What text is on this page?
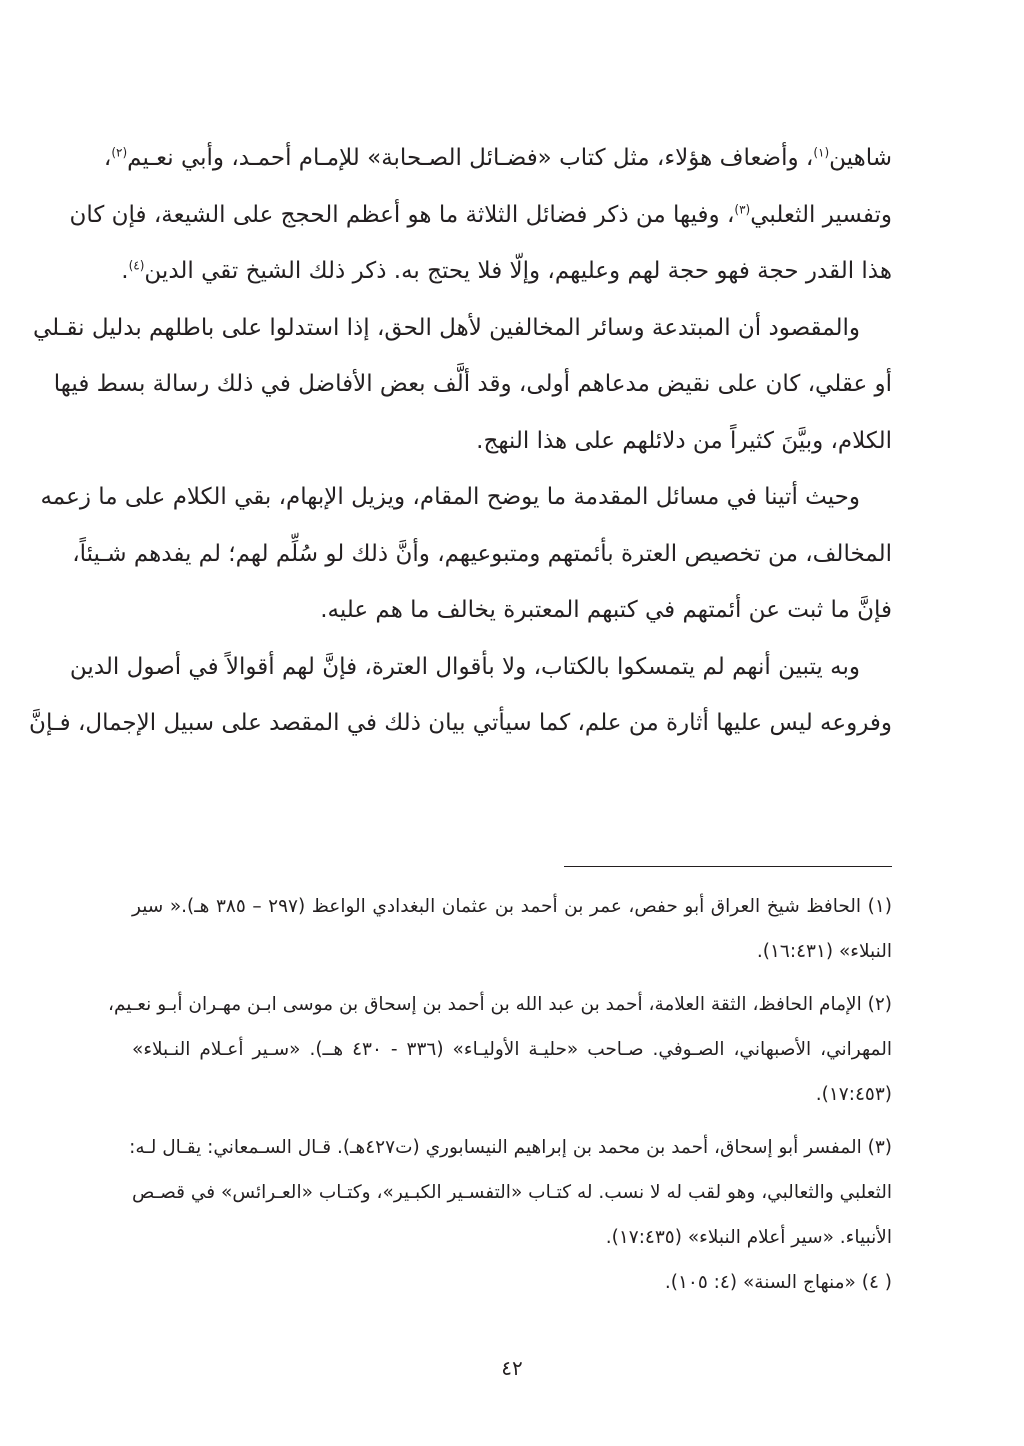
شاهين$^{(١)}$، وأضعاف هؤلاء، مثل كتاب «فضـائل الصـحابة» للإمـام أحمـد، وأبي نعـيم$^{(٢)}$،
وتفسير الثعلبي$^{(٣)}$، وفيها من ذكر فضائل الثلاثة ما هو أعظم الحجج على الشيعة، فإن كان
هذا القدر حجة فهو حجة لهم وعليهم، وإلّا فلا يحتج به. ذكر ذلك الشيخ تقي الدين$^{(٤)}$.
والمقصود أن المبتدعة وسائر المخالفين لأهل الحق، إذا استدلوا على باطلهم بدليل نقـلي
أو عقلي، كان على نقيض مدعاهم أولى، وقد ألَّف بعض الأفاضل في ذلك رسالة بسط فيها
الكلام، وبيَّنَ كثيراً من دلائلهم على هذا النهج.
وحيث أتينا في مسائل المقدمة ما يوضح المقام، ويزيل الإبهام، بقي الكلام على ما زعمه
المخالف، من تخصيص العترة بأئمتهم ومتبوعيهم، وأنَّ ذلك لو سُلِّم لهم؛ لم يفدهم شـيئاً،
فإنَّ ما ثبت عن أئمتهم في كتبهم المعتبرة يخالف ما هم عليه.
وبه يتبين أنهم لم يتمسكوا بالكتاب، ولا بأقوال العترة، فإنَّ لهم أقوالاً في أصول الدين
وفروعه ليس عليها أثارة من علم، كما سيأتي بيان ذلك في المقصد على سبيل الإجمال، فـإنَّ
(١) الحافظ شيخ العراق أبو حفص، عمر بن أحمد بن عثمان البغدادي الواعظ (٢٩٧ – ٣٨٥ هـ).« سير
النبلاء» (١٦:٤٣١).
(٢) الإمام الحافظ، الثقة العلامة، أحمد بن عبد الله بن أحمد بن إسحاق بن موسى ابـن مهـران أبـو نعـيم،
المهراني، الأصبهاني، الصـوفي. صـاحب «حليـة الأوليـاء» (٣٣٦ - ٤٣٠ هــ). «سـير أعـلام النـبلاء»
(١٧:٤٥٣).
(٣) المفسر أبو إسحاق، أحمد بن محمد بن إبراهيم النيسابوري (ت٤٢٧هـ). قـال السـمعاني: يقـال لـه:
الثعلبي والثعالبي، وهو لقب له لا نسب. له كتـاب «التفسـير الكبـير»، وكتـاب «العـرائس» في قصـص
الأنبياء. «سير أعلام النبلاء» (١٧:٤٣٥).
( ٤) «منهاج السنة» (٤: ١٠٥).
٤٢
